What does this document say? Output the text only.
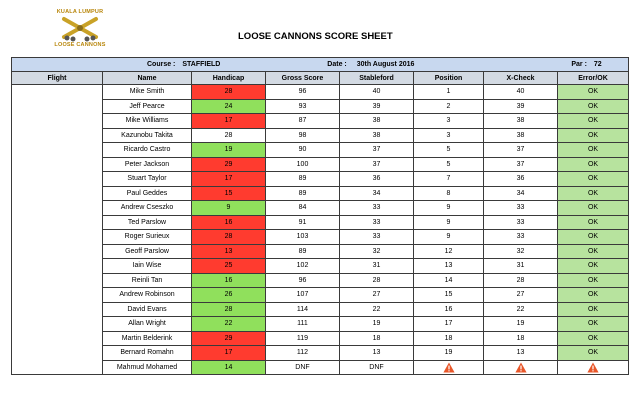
KUALA LUMPUR
LOOSE CANNONS
LOOSE CANNONS SCORE SHEET
Course : STAFFIELD Date : 30th August 2016 Par : 72							
Flight	Name	Handicap	Gross Score	Stableford	Position	X-Check	Error/OK
	Mike Smith	28	96	40	1	40	OK
	Jeff Pearce	24	93	39	2	39	OK
	Mike Williams	17	87	38	3	38	OK
	Kazunobu Takita	28	98	38	3	38	OK
	Ricardo Castro	19	90	37	5	37	OK
	Peter Jackson	29	100	37	5	37	OK
	Stuart Taylor	17	89	36	7	36	OK
	Paul Geddes	15	89	34	8	34	OK
	Andrew Cseszko	9	84	33	9	33	OK
	Ted Parslow	16	91	33	9	33	OK
	Roger Surieux	28	103	33	9	33	OK
	Geoff Parslow	13	89	32	12	32	OK
	Iain Wise	25	102	31	13	31	OK
	Reinli Tan	16	96	28	14	28	OK
	Andrew Robinson	26	107	27	15	27	OK
	David Evans	28	114	22	16	22	OK
	Allan Wright	22	111	19	17	19	OK
	Martin Belderink	29	119	18	18	18	OK
	Bernard Romahn	17	112	13	19	13	OK
	Mahmud Mohamed	14	DNF	DNF	
